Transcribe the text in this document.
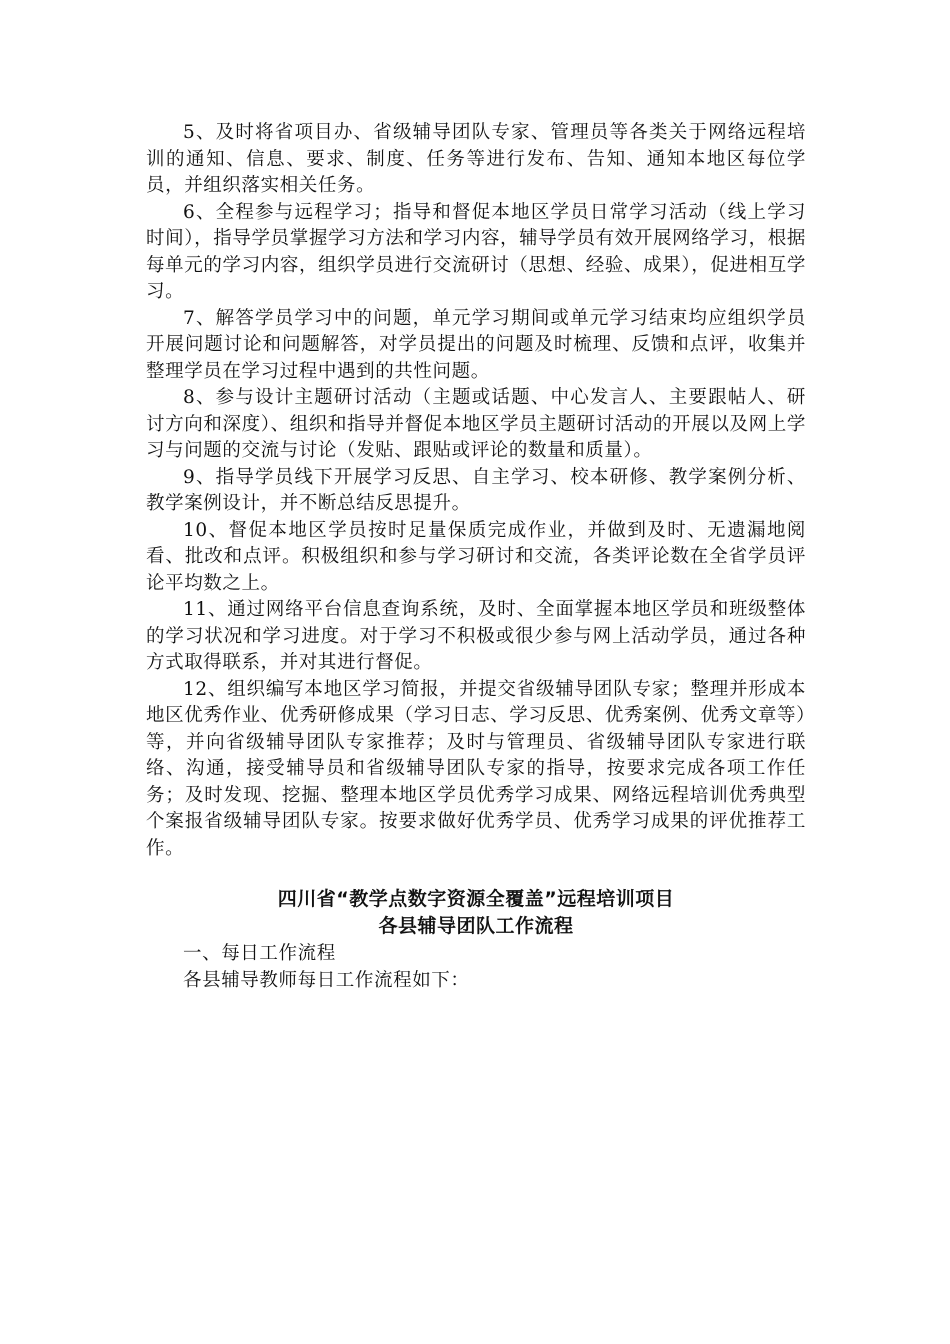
5、及时将省项目办、省级辅导团队专家、管理员等各类关于网络远程培训的通知、信息、要求、制度、任务等进行发布、告知、通知本地区每位学员，并组织落实相关任务。

6、全程参与远程学习；指导和督促本地区学员日常学习活动（线上学习时间），指导学员掌握学习方法和学习内容，辅导学员有效开展网络学习，根据每单元的学习内容，组织学员进行交流研讨（思想、经验、成果），促进相互学习。

7、解答学员学习中的问题，单元学习期间或单元学习结束均应组织学员开展问题讨论和问题解答，对学员提出的问题及时梳理、反馈和点评，收集并整理学员在学习过程中遇到的共性问题。

8、参与设计主题研讨活动（主题或话题、中心发言人、主要跟帖人、研讨方向和深度）、组织和指导并督促本地区学员主题研讨活动的开展以及网上学习与问题的交流与讨论（发贴、跟贴或评论的数量和质量）。

9、指导学员线下开展学习反思、自主学习、校本研修、教学案例分析、教学案例设计，并不断总结反思提升。

10、督促本地区学员按时足量保质完成作业，并做到及时、无遗漏地阅看、批改和点评。积极组织和参与学习研讨和交流，各类评论数在全省学员评论平均数之上。

11、通过网络平台信息查询系统，及时、全面掌握本地区学员和班级整体的学习状况和学习进度。对于学习不积极或很少参与网上活动学员，通过各种方式取得联系，并对其进行督促。

12、组织编写本地区学习简报，并提交省级辅导团队专家；整理并形成本地区优秀作业、优秀研修成果（学习日志、学习反思、优秀案例、优秀文章等）等，并向省级辅导团队专家推荐；及时与管理员、省级辅导团队专家进行联络、沟通，接受辅导员和省级辅导团队专家的指导，按要求完成各项工作任务；及时发现、挖掘、整理本地区学员优秀学习成果、网络远程培训优秀典型个案报省级辅导团队专家。按要求做好优秀学员、优秀学习成果的评优推荐工作。

四川省“教学点数字资源全覆盖”远程培训项目
各县辅导团队工作流程

一、每日工作流程

各县辅导教师每日工作流程如下：
